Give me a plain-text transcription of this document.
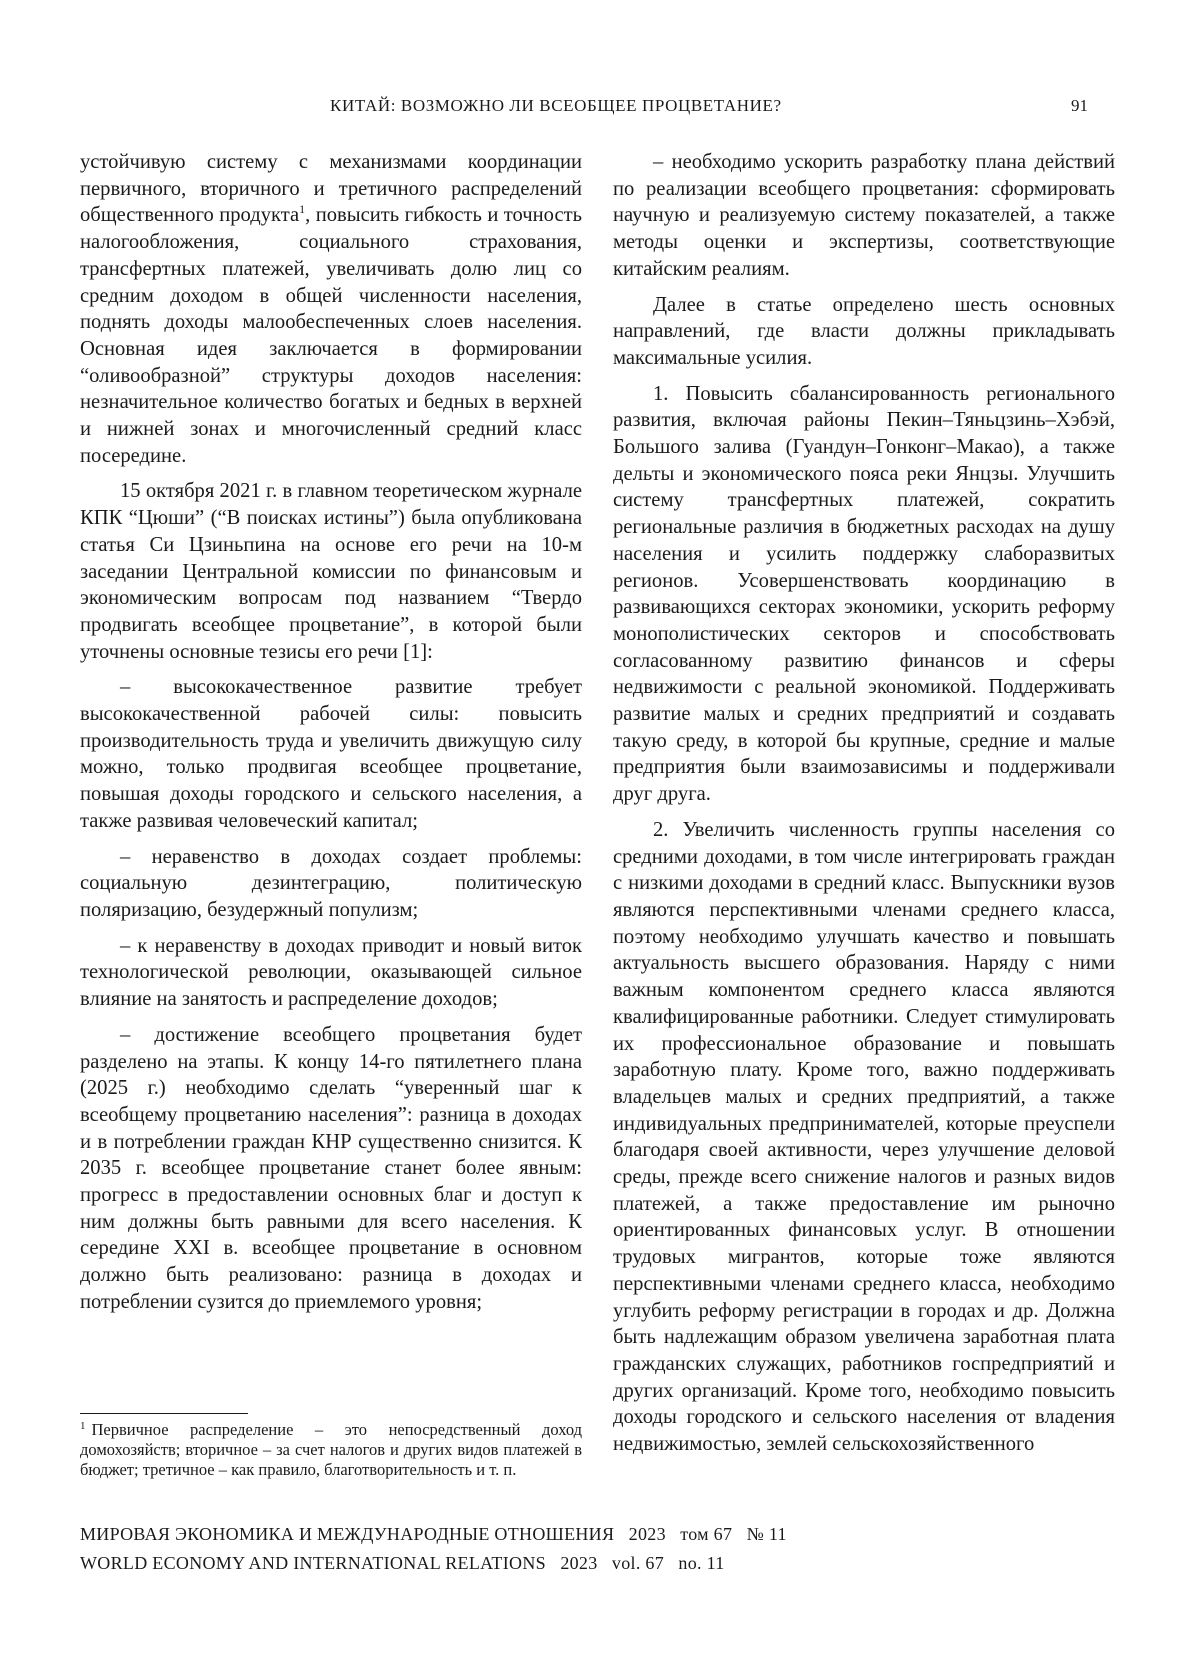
КИТАЙ: ВОЗМОЖНО ЛИ ВСЕОБЩЕЕ ПРОЦВЕТАНИЕ?	91

устойчивую систему с механизмами координации первичного, вторичного и третичного распределений общественного продукта$^1$, повысить гибкость и точность налогообложения, социального страхования, трансфертных платежей, увеличивать долю лиц со средним доходом в общей численности населения, поднять доходы малообеспеченных слоев населения. Основная идея заключается в формировании “оливообразной” структуры доходов населения: незначительное количество богатых и бедных в верхней и нижней зонах и многочисленный средний класс посередине.

15 октября 2021 г. в главном теоретическом журнале КПК “Цюши” (“В поисках истины”) была опубликована статья Си Цзиньпина на основе его речи на 10-м заседании Центральной комиссии по финансовым и экономическим вопросам под названием “Твердо продвигать всеобщее процветание”, в которой были уточнены основные тезисы его речи [1]:

– высококачественное развитие требует высококачественной рабочей силы: повысить производительность труда и увеличить движущую силу можно, только продвигая всеобщее процветание, повышая доходы городского и сельского населения, а также развивая человеческий капитал;

– неравенство в доходах создает проблемы: социальную дезинтеграцию, политическую поляризацию, безудержный популизм;

– к неравенству в доходах приводит и новый виток технологической революции, оказывающей сильное влияние на занятость и распределение доходов;

– достижение всеобщего процветания будет разделено на этапы. К концу 14-го пятилетнего плана (2025 г.) необходимо сделать “уверенный шаг к всеобщему процветанию населения”: разница в доходах и в потреблении граждан КНР существенно снизится. К 2035 г. всеобщее процветание станет более явным: прогресс в предоставлении основных благ и доступ к ним должны быть равными для всего населения. К середине XXI в. всеобщее процветание в основном должно быть реализовано: разница в доходах и потреблении сузится до приемлемого уровня;

$^1$ Первичное распределение – это непосредственный доход домохозяйств; вторичное – за счет налогов и других видов платежей в бюджет; третичное – как правило, благотворительность и т. п.

– необходимо ускорить разработку плана действий по реализации всеобщего процветания: сформировать научную и реализуемую систему показателей, а также методы оценки и экспертизы, соответствующие китайским реалиям.

Далее в статье определено шесть основных направлений, где власти должны прикладывать максимальные усилия.

1. Повысить сбалансированность регионального развития, включая районы Пекин–Тяньцзинь–Хэбэй, Большого залива (Гуандун–Гонконг–Макао), а также дельты и экономического пояса реки Янцзы. Улучшить систему трансфертных платежей, сократить региональные различия в бюджетных расходах на душу населения и усилить поддержку слаборазвитых регионов. Усовершенствовать координацию в развивающихся секторах экономики, ускорить реформу монополистических секторов и способствовать согласованному развитию финансов и сферы недвижимости с реальной экономикой. Поддерживать развитие малых и средних предприятий и создавать такую среду, в которой бы крупные, средние и малые предприятия были взаимозависимы и поддерживали друг друга.

2. Увеличить численность группы населения со средними доходами, в том числе интегрировать граждан с низкими доходами в средний класс. Выпускники вузов являются перспективными членами среднего класса, поэтому необходимо улучшать качество и повышать актуальность высшего образования. Наряду с ними важным компонентом среднего класса являются квалифицированные работники. Следует стимулировать их профессиональное образование и повышать заработную плату. Кроме того, важно поддерживать владельцев малых и средних предприятий, а также индивидуальных предпринимателей, которые преуспели благодаря своей активности, через улучшение деловой среды, прежде всего снижение налогов и разных видов платежей, а также предоставление им рыночно ориентированных финансовых услуг. В отношении трудовых мигрантов, которые тоже являются перспективными членами среднего класса, необходимо углубить реформу регистрации в городах и др. Должна быть надлежащим образом увеличена заработная плата гражданских служащих, работников госпредприятий и других организаций. Кроме того, необходимо повысить доходы городского и сельского населения от владения недвижимостью, землей сельскохозяйственного

МИРОВАЯ ЭКОНОМИКА И МЕЖДУНАРОДНЫЕ ОТНОШЕНИЯ   2023   том 67   № 11
WORLD ECONOMY AND INTERNATIONAL RELATIONS   2023   vol. 67   no. 11
